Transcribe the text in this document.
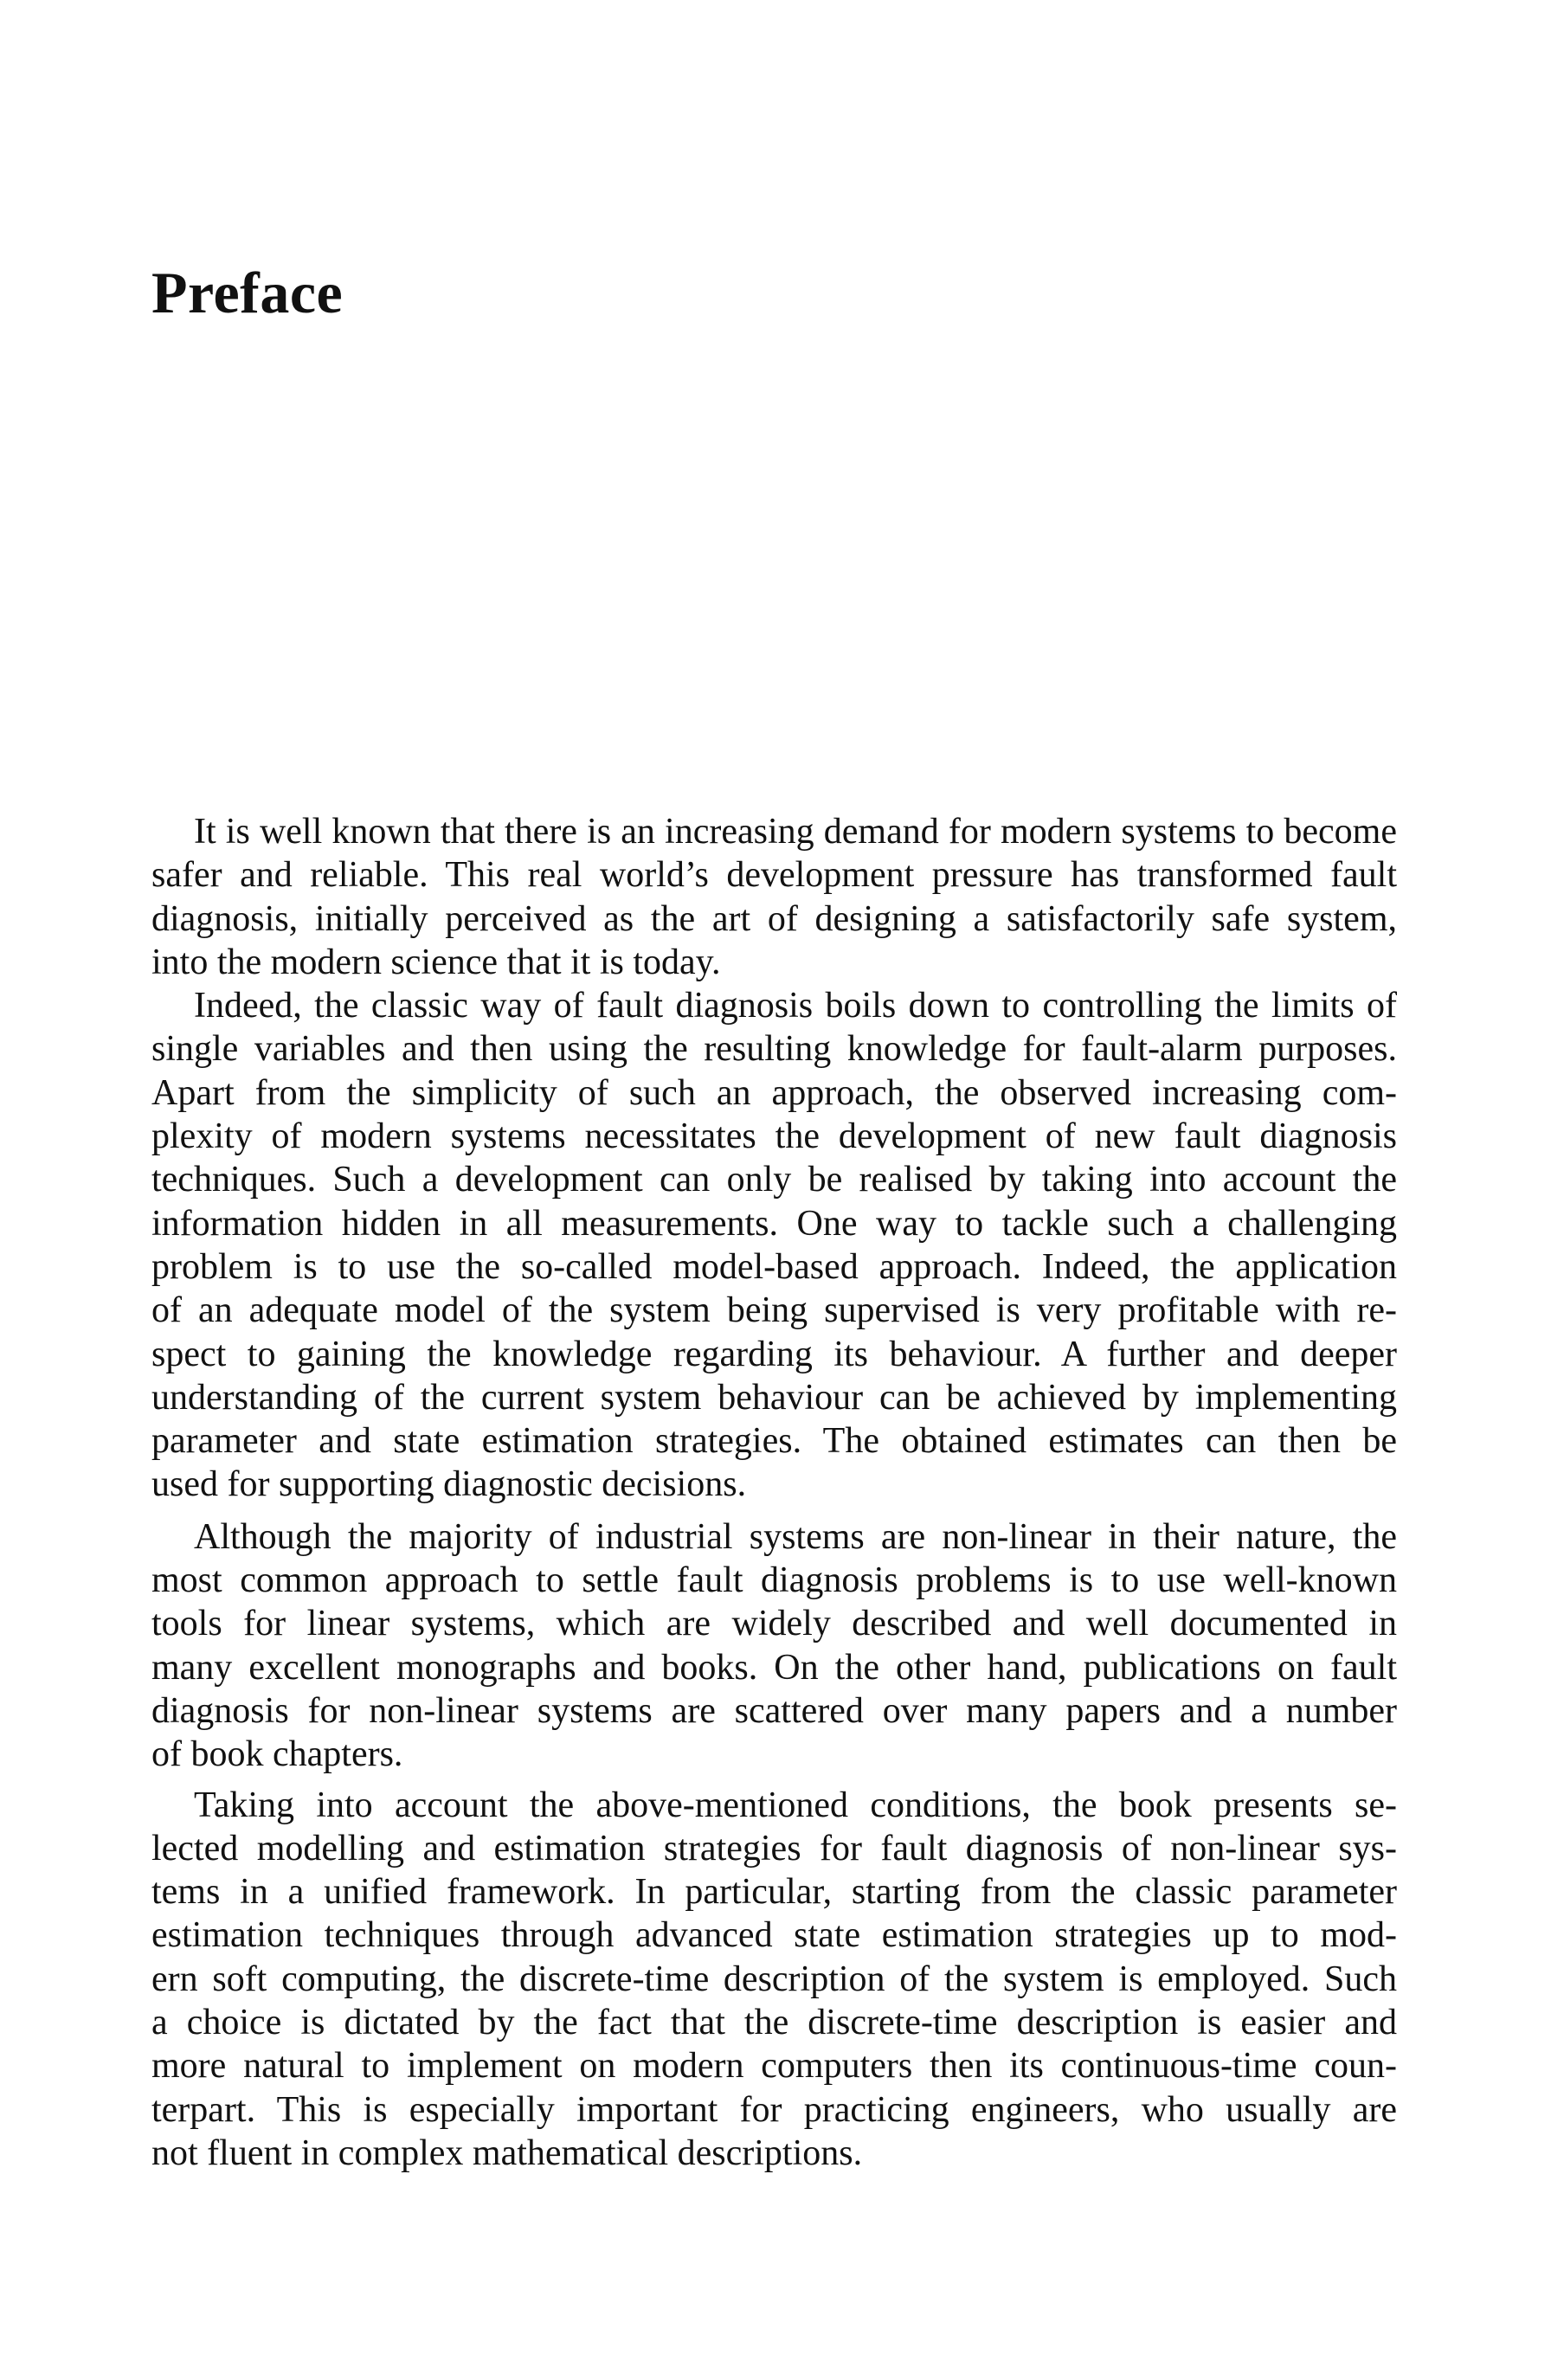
Preface

It is well known that there is an increasing demand for modern systems to become
safer and reliable. This real world’s development pressure has transformed fault
diagnosis, initially perceived as the art of designing a satisfactorily safe system,
into the modern science that it is today.

Indeed, the classic way of fault diagnosis boils down to controlling the limits of
single variables and then using the resulting knowledge for fault-alarm purposes.
Apart from the simplicity of such an approach, the observed increasing com-
plexity of modern systems necessitates the development of new fault diagnosis
techniques. Such a development can only be realised by taking into account the
information hidden in all measurements. One way to tackle such a challenging
problem is to use the so-called model-based approach. Indeed, the application
of an adequate model of the system being supervised is very profitable with re-
spect to gaining the knowledge regarding its behaviour. A further and deeper
understanding of the current system behaviour can be achieved by implementing
parameter and state estimation strategies. The obtained estimates can then be
used for supporting diagnostic decisions.

Although the majority of industrial systems are non-linear in their nature, the
most common approach to settle fault diagnosis problems is to use well-known
tools for linear systems, which are widely described and well documented in
many excellent monographs and books. On the other hand, publications on fault
diagnosis for non-linear systems are scattered over many papers and a number
of book chapters.

Taking into account the above-mentioned conditions, the book presents se-
lected modelling and estimation strategies for fault diagnosis of non-linear sys-
tems in a unified framework. In particular, starting from the classic parameter
estimation techniques through advanced state estimation strategies up to mod-
ern soft computing, the discrete-time description of the system is employed. Such
a choice is dictated by the fact that the discrete-time description is easier and
more natural to implement on modern computers then its continuous-time coun-
terpart. This is especially important for practicing engineers, who usually are
not fluent in complex mathematical descriptions.
